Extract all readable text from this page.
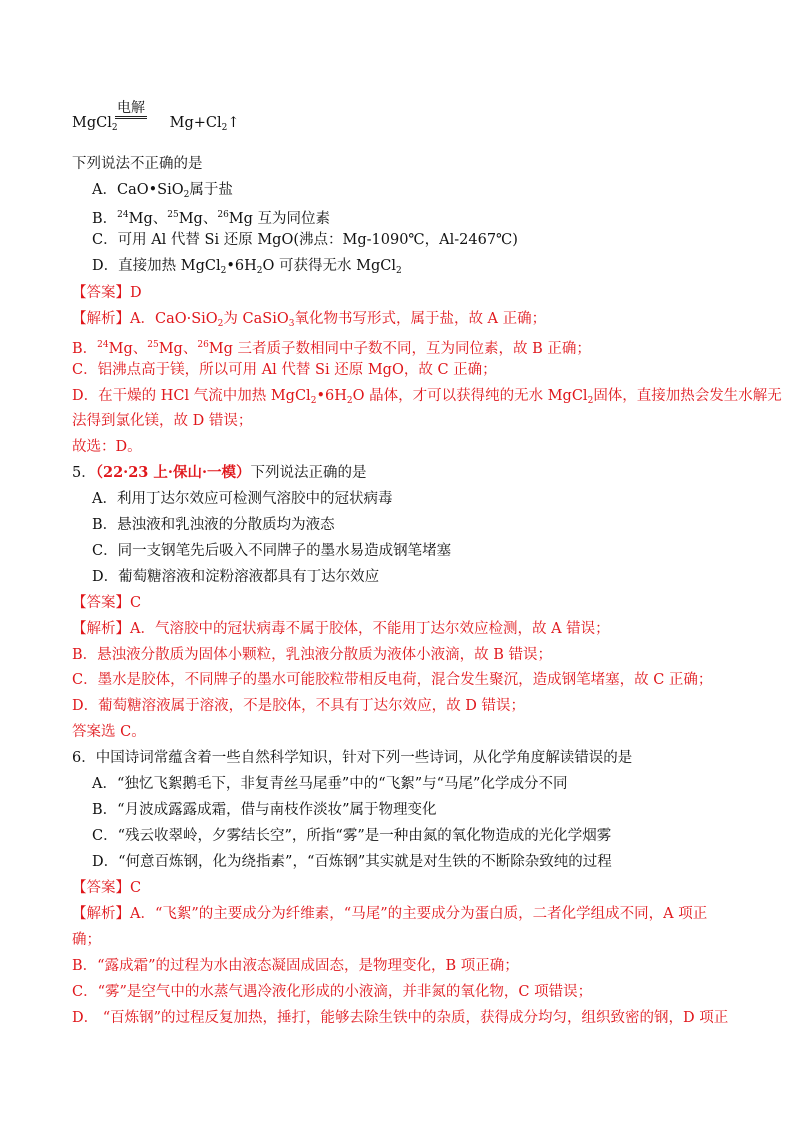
电解
MgCl$_2$	$Mg+Cl_2↑$
下列说法不正确的是
A．CaO•SiO$_2$属于盐
B．$^{24}$Mg、$^{25}$Mg、$^{26}$Mg 互为同位素
C．可用 Al 代替 Si 还原 MgO(沸点：Mg-1090℃，Al-2467℃)
D．直接加热 $MgCl_2•6H_2O$ 可获得无水 MgCl$_2$
【答案】D
【解析】A．CaO·SiO$_2$为 CaSiO$_3$氧化物书写形式，属于盐，故 A 正确；
B．$^{24}$Mg、$^{25}$Mg、$^{26}$Mg 三者质子数相同中子数不同，互为同位素，故 B 正确；
C．铝沸点高于镁，所以可用 Al 代替 Si 还原 MgO，故 C 正确；
D．在干燥的 HCl 气流中加热 $MgCl_2•6H_2O$ 晶体，才可以获得纯的无水 MgCl$_2$固体，直接加热会发生水解无
法得到氯化镁，故 D 错误；
故选：D。
5．（22·23 上·保山·一模）下列说法正确的是
A．利用丁达尔效应可检测气溶胶中的冠状病毒
B．悬浊液和乳浊液的分散质均为液态
C．同一支钢笔先后吸入不同牌子的墨水易造成钢笔堵塞
D．葡萄糖溶液和淀粉溶液都具有丁达尔效应
【答案】C
【解析】A．气溶胶中的冠状病毒不属于胶体，不能用丁达尔效应检测，故 A 错误；
B．悬浊液分散质为固体小颗粒，乳浊液分散质为液体小液滴，故 B 错误；
C．墨水是胶体，不同牌子的墨水可能胶粒带相反电荷，混合发生聚沉，造成钢笔堵塞，故 C 正确；
D．葡萄糖溶液属于溶液，不是胶体，不具有丁达尔效应，故 D 错误；
答案选 C。
6．中国诗词常蕴含着一些自然科学知识，针对下列一些诗词，从化学角度解读错误的是
A．“独忆飞絮鹅毛下，非复青丝马尾垂”中的“飞絮”与“马尾”化学成分不同
B．“月波成露露成霜，借与南枝作淡妆”属于物理变化
C．“残云收翠岭，夕雾结长空”，所指“雾”是一种由氮的氧化物造成的光化学烟雾
D．“何意百炼钢，化为绕指素”，“百炼钢”其实就是对生铁的不断除杂致纯的过程
【答案】C
【解析】A．“飞絮”的主要成分为纤维素，“马尾”的主要成分为蛋白质，二者化学组成不同，A 项正
确；
B．“露成霜”的过程为水由液态凝固成固态，是物理变化，B 项正确；
C．“雾”是空气中的水蒸气遇冷液化形成的小液滴，并非氮的氧化物，C 项错误；
D． “百炼钢”的过程反复加热，捶打，能够去除生铁中的杂质，获得成分均匀，组织致密的钢，D 项正
